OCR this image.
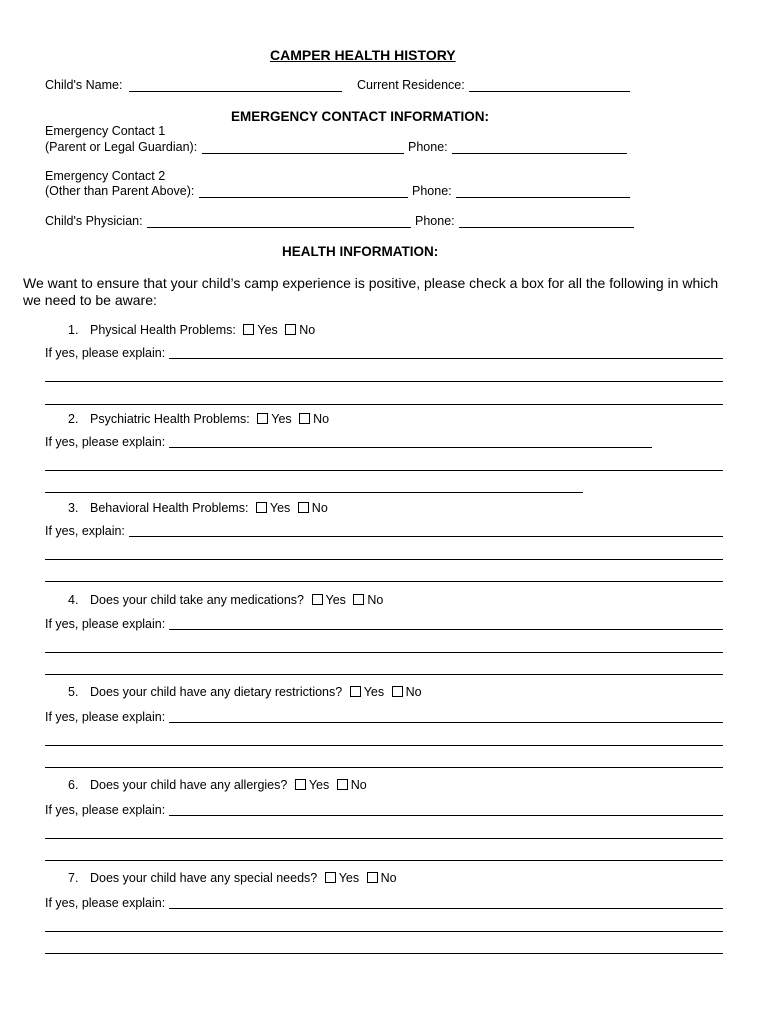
CAMPER HEALTH HISTORY
Child's Name:	Current Residence:
EMERGENCY CONTACT INFORMATION:
Emergency Contact 1
(Parent or Legal Guardian):	Phone:
Emergency Contact 2
(Other than Parent Above):	Phone:
Child's Physician:	Phone:
HEALTH INFORMATION:
We want to ensure that your child’s camp experience is positive, please check a box for all the following in which
we need to be aware:
1. Physical Health Problems: Yes No
If yes, please explain:
2. Psychiatric Health Problems: Yes No
If yes, please explain:
3. Behavioral Health Problems: Yes No
If yes, explain:
4. Does your child take any medications? Yes No
If yes, please explain:
5. Does your child have any dietary restrictions? Yes No
If yes, please explain:
6. Does your child have any allergies? Yes No
If yes, please explain:
7. Does your child have any special needs? Yes No
If yes, please explain:
